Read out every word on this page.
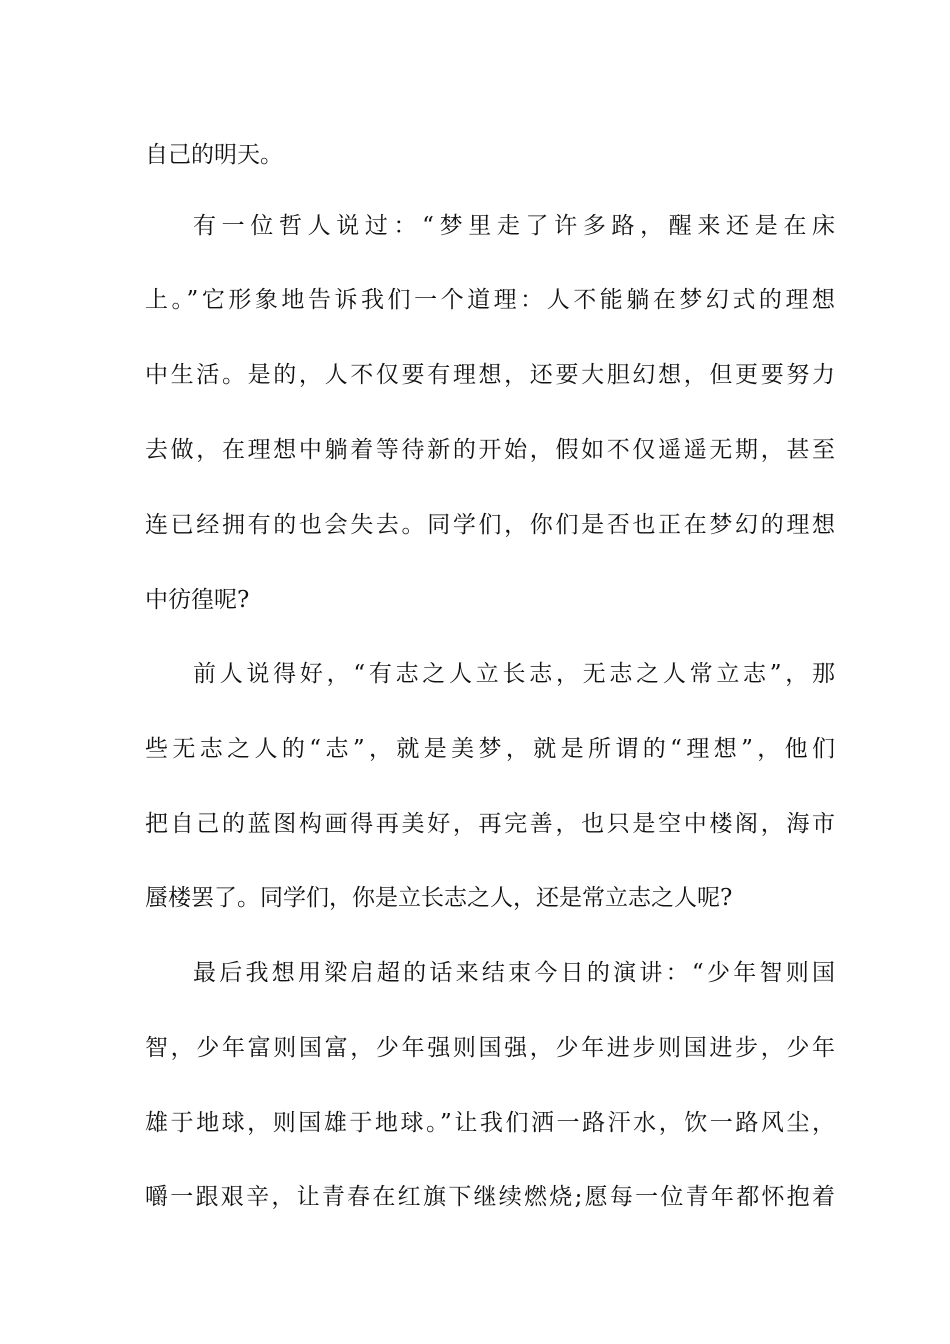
自己的明天。
有一位哲人说过：“梦里走了许多路，醒来还是在床
上。”它形象地告诉我们一个道理：人不能躺在梦幻式的理想
中生活。是的，人不仅要有理想，还要大胆幻想，但更要努力
去做，在理想中躺着等待新的开始，假如不仅遥遥无期，甚至
连已经拥有的也会失去。同学们，你们是否也正在梦幻的理想
中彷徨呢?
前人说得好，“有志之人立长志，无志之人常立志”，那
些无志之人的“志”，就是美梦，就是所谓的“理想”，他们
把自己的蓝图构画得再美好，再完善，也只是空中楼阁，海市
蜃楼罢了。同学们，你是立长志之人，还是常立志之人呢?
最后我想用梁启超的话来结束今日的演讲：“少年智则国
智，少年富则国富，少年强则国强，少年进步则国进步，少年
雄于地球，则国雄于地球。”让我们洒一路汗水，饮一路风尘，
嚼一跟艰辛，让青春在红旗下继续燃烧;愿每一位青年都怀抱着
